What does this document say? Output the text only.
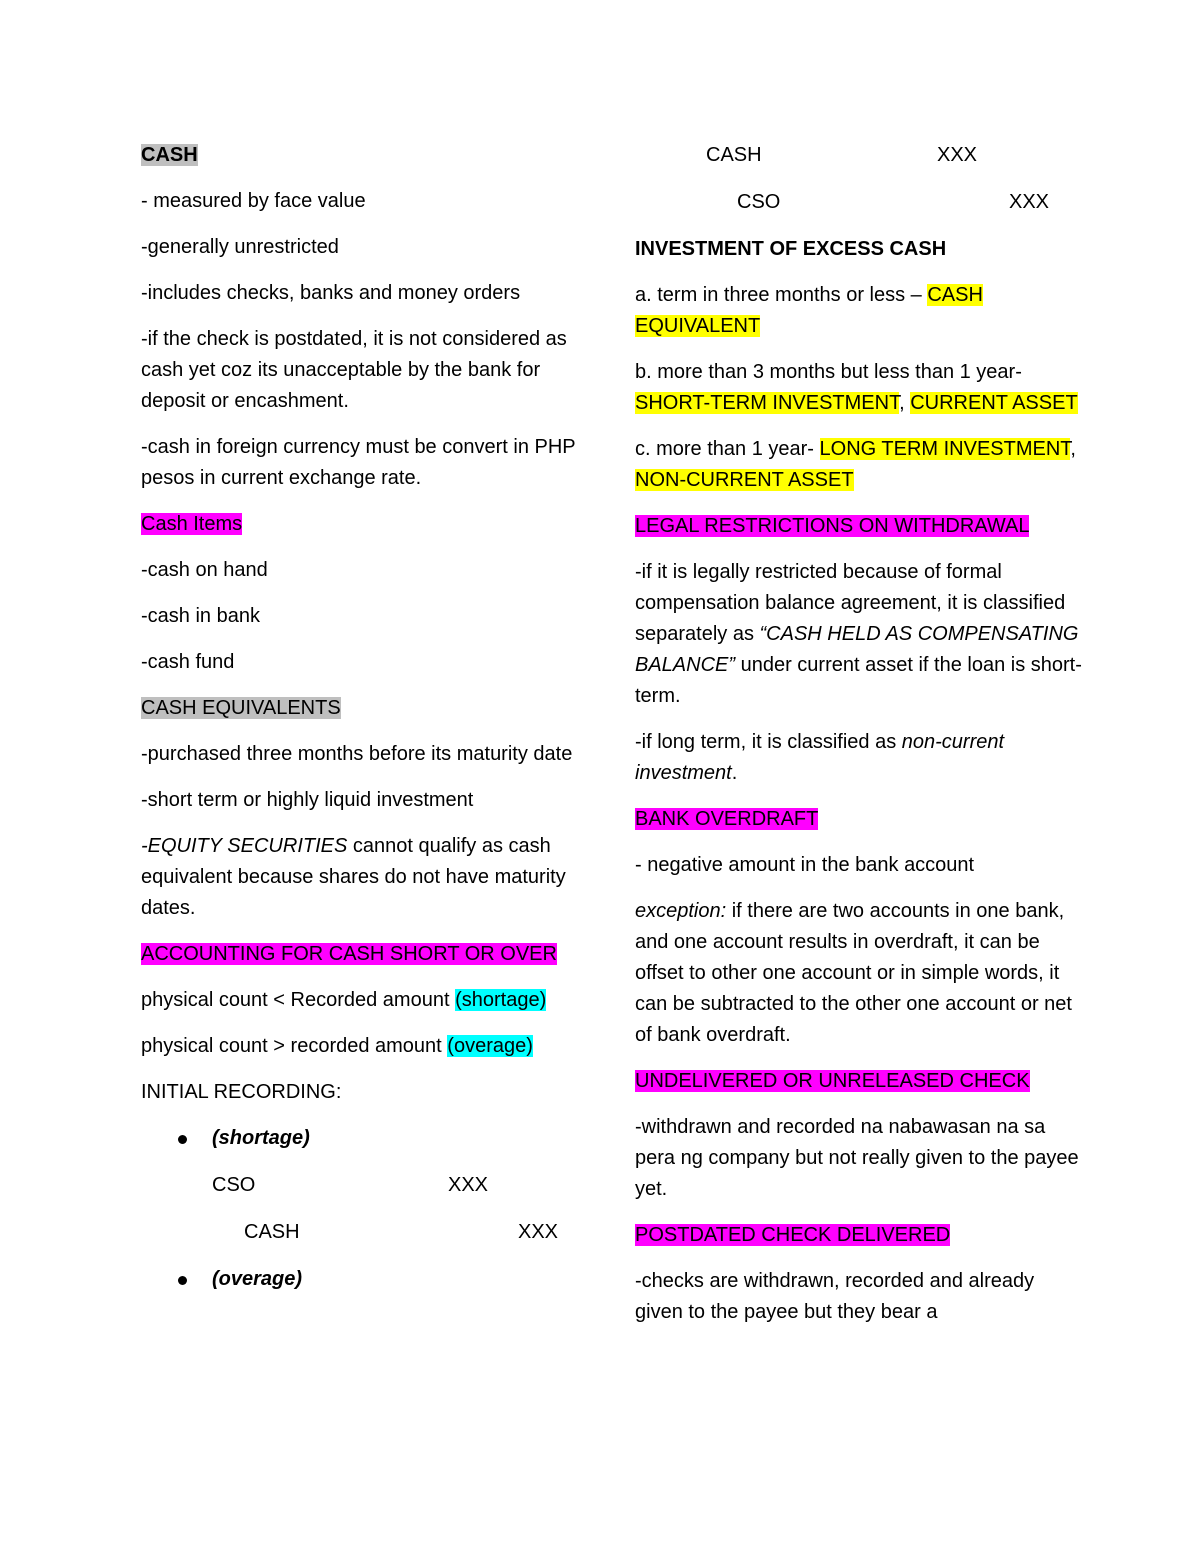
CASH

- measured by face value

-generally unrestricted

-includes checks, banks and money orders

-if the check is postdated, it is not considered as cash yet coz its unacceptable by the bank for deposit or encashment.

-cash in foreign currency must be convert in PHP pesos in current exchange rate.

Cash Items

-cash on hand

-cash in bank

-cash fund

CASH EQUIVALENTS

-purchased three months before its maturity date

-short term or highly liquid investment

-EQUITY SECURITIES cannot qualify as cash equivalent because shares do not have maturity dates.

ACCOUNTING FOR CASH SHORT OR OVER

physical count < Recorded amount (shortage)

physical count > recorded amount (overage)

INITIAL RECORDING:

(shortage)
CSO	XXX
CASH	XXX
(overage)
CASH	XXX
CSO	XXX

INVESTMENT OF EXCESS CASH

a. term in three months or less – CASH EQUIVALENT

b. more than 3 months but less than 1 year- SHORT-TERM INVESTMENT, CURRENT ASSET

c. more than 1 year- LONG TERM INVESTMENT, NON-CURRENT ASSET

LEGAL RESTRICTIONS ON WITHDRAWAL

-if it is legally restricted because of formal compensation balance agreement, it is classified separately as “CASH HELD AS COMPENSATING BALANCE” under current asset if the loan is short-term.

-if long term, it is classified as non-current investment.

BANK OVERDRAFT

- negative amount in the bank account

exception: if there are two accounts in one bank, and one account results in overdraft, it can be offset to other one account or in simple words, it can be subtracted to the other one account or net of bank overdraft.

UNDELIVERED OR UNRELEASED CHECK

-withdrawn and recorded na nabawasan na sa pera ng company but not really given to the payee yet.

POSTDATED CHECK DELIVERED

-checks are withdrawn, recorded and already given to the payee but they bear a
